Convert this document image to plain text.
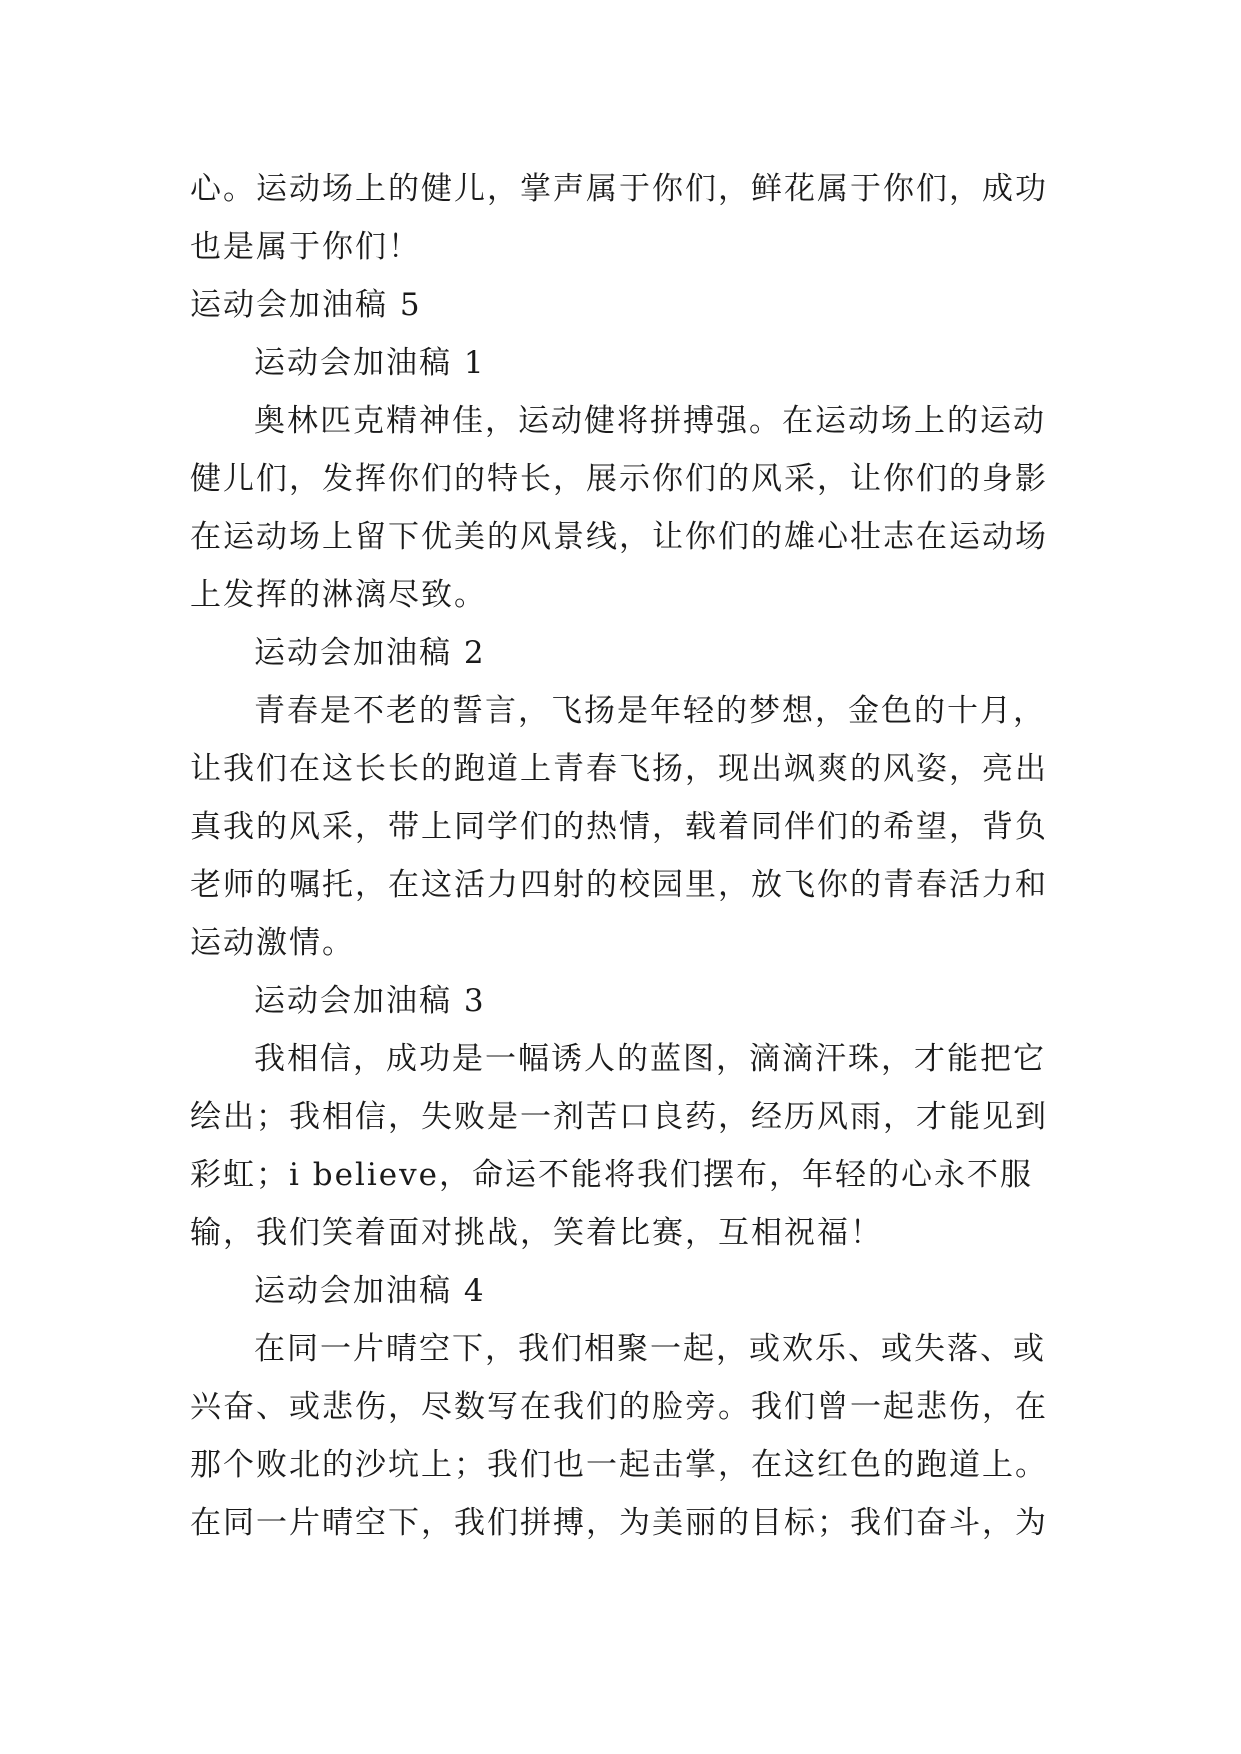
心。运动场上的健儿，掌声属于你们，鲜花属于你们，成功也是属于你们！

运动会加油稿 5

运动会加油稿 1

奥林匹克精神佳，运动健将拼搏强。在运动场上的运动健儿们，发挥你们的特长，展示你们的风采，让你们的身影在运动场上留下优美的风景线，让你们的雄心壮志在运动场上发挥的淋漓尽致。

运动会加油稿 2

青春是不老的誓言，飞扬是年轻的梦想，金色的十月，让我们在这长长的跑道上青春飞扬，现出飒爽的风姿，亮出真我的风采，带上同学们的热情，载着同伴们的希望，背负老师的嘱托，在这活力四射的校园里，放飞你的青春活力和运动激情。

运动会加油稿 3

我相信，成功是一幅诱人的蓝图，滴滴汗珠，才能把它绘出；我相信，失败是一剂苦口良药，经历风雨，才能见到彩虹；i believe，命运不能将我们摆布，年轻的心永不服输，我们笑着面对挑战，笑着比赛，互相祝福！

运动会加油稿 4

在同一片晴空下，我们相聚一起，或欢乐、或失落、或兴奋、或悲伤，尽数写在我们的脸旁。我们曾一起悲伤，在那个败北的沙坑上；我们也一起击掌，在这红色的跑道上。在同一片晴空下，我们拼搏，为美丽的目标；我们奋斗，为
